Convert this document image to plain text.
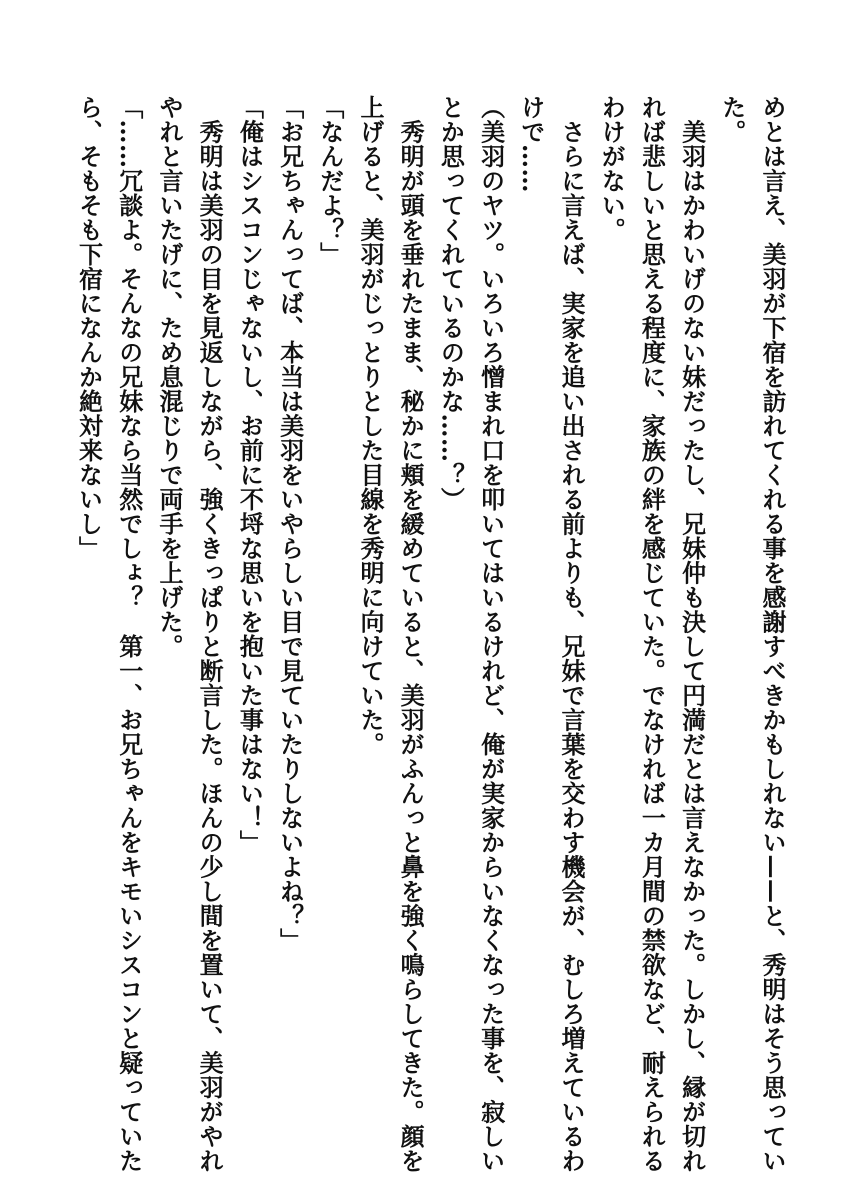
めとは言え、美羽が下宿を訪れてくれる事を感謝すべきかもしれない——と、秀明はそう思ってい
た。
　美羽はかわいげのない妹だったし、兄妹仲も決して円満だとは言えなかった。しかし、縁が切れ
れば悲しいと思える程度に、家族の絆を感じていた。でなければ一カ月間の禁欲など、耐えられる
わけがない。
　さらに言えば、実家を追い出される前よりも、兄妹で言葉を交わす機会が、むしろ増えているわ
けで……
（美羽のヤツ。いろいろ憎まれ口を叩いてはいるけれど、俺が実家からいなくなった事を、寂しい
とか思ってくれているのかな……？）
　秀明が頭を垂れたまま、秘かに頬を緩めていると、美羽がふんっと鼻を強く鳴らしてきた。顔を
上げると、美羽がじっとりとした目線を秀明に向けていた。
「なんだよ？」
「お兄ちゃんってば、本当は美羽をいやらしい目で見ていたりしないよね？」
「俺はシスコンじゃないし、お前に不埒な思いを抱いた事はない！」
　秀明は美羽の目を見返しながら、強くきっぱりと断言した。ほんの少し間を置いて、美羽がやれ
やれと言いたげに、ため息混じりで両手を上げた。
「……冗談よ。そんなの兄妹なら当然でしょ？　第一、お兄ちゃんをキモいシスコンと疑っていた
ら、そもそも下宿になんか絶対来ないし」
